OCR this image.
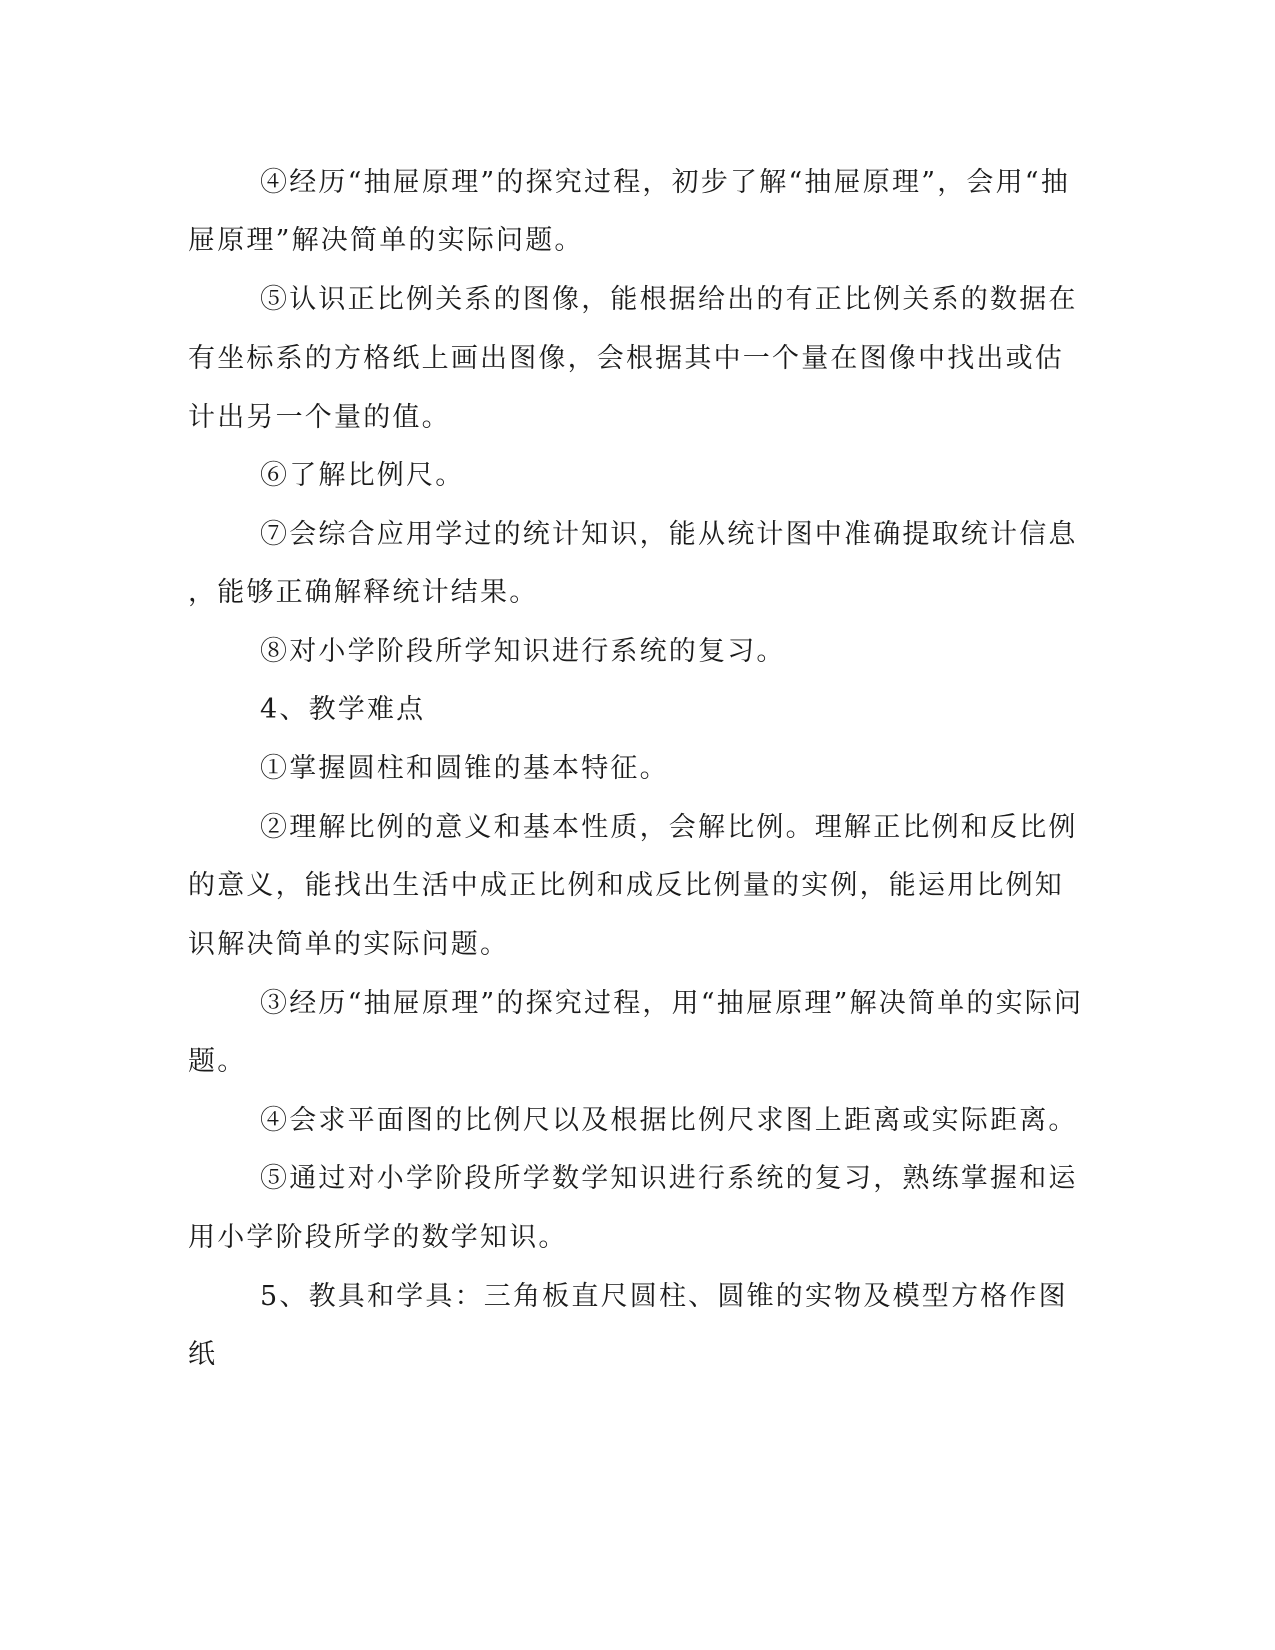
④经历“抽屉原理”的探究过程，初步了解“抽屉原理”，会用“抽
屉原理”解决简单的实际问题。
⑤认识正比例关系的图像，能根据给出的有正比例关系的数据在
有坐标系的方格纸上画出图像，会根据其中一个量在图像中找出或估
计出另一个量的值。
⑥了解比例尺。
⑦会综合应用学过的统计知识，能从统计图中准确提取统计信息
，能够正确解释统计结果。
⑧对小学阶段所学知识进行系统的复习。
4、教学难点
①掌握圆柱和圆锥的基本特征。
②理解比例的意义和基本性质，会解比例。理解正比例和反比例
的意义，能找出生活中成正比例和成反比例量的实例，能运用比例知
识解决简单的实际问题。
③经历“抽屉原理”的探究过程，用“抽屉原理”解决简单的实际问
题。
④会求平面图的比例尺以及根据比例尺求图上距离或实际距离。
⑤通过对小学阶段所学数学知识进行系统的复习，熟练掌握和运
用小学阶段所学的数学知识。
5、教具和学具：三角板直尺圆柱、圆锥的实物及模型方格作图
纸
